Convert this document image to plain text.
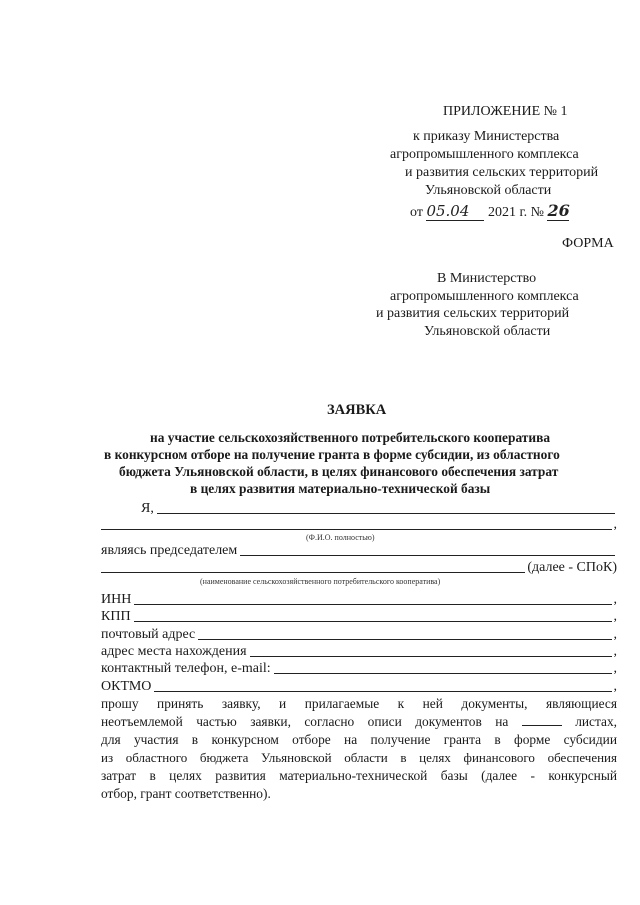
ПРИЛОЖЕНИЕ № 1
к приказу Министерства
агропромышленного комплекса
и развития сельских территорий
Ульяновской области
от 05.04 2021 г. № 26
ФОРМА
В Министерство
агропромышленного комплекса
и развития сельских территорий
Ульяновской области
ЗАЯВКА
на участие сельскохозяйственного потребительского кооператива
в конкурсном отборе на получение гранта в форме субсидии, из областного
бюджета Ульяновской области, в целях финансового обеспечения затрат
в целях развития материально-технической базы
Я,
,
(Ф.И.О. полностью)
являясь председателем
(далее - СПоК)
(наименование сельскохозяйственного потребительского кооператива)
ИНН	,
КПП	,
почтовый адрес	,
адрес места нахождения	,
контактный телефон, e-mail:	,
ОКТМО	,
прошу принять заявку, и прилагаемые к ней документы, являющиеся
неотъемлемой частью заявки, согласно описи документов на	листах,
для участия в конкурсном отборе на получение гранта в форме субсидии
из областного бюджета Ульяновской области в целях финансового обеспечения
затрат в целях развития материально-технической базы (далее - конкурсный
отбор, грант соответственно).
